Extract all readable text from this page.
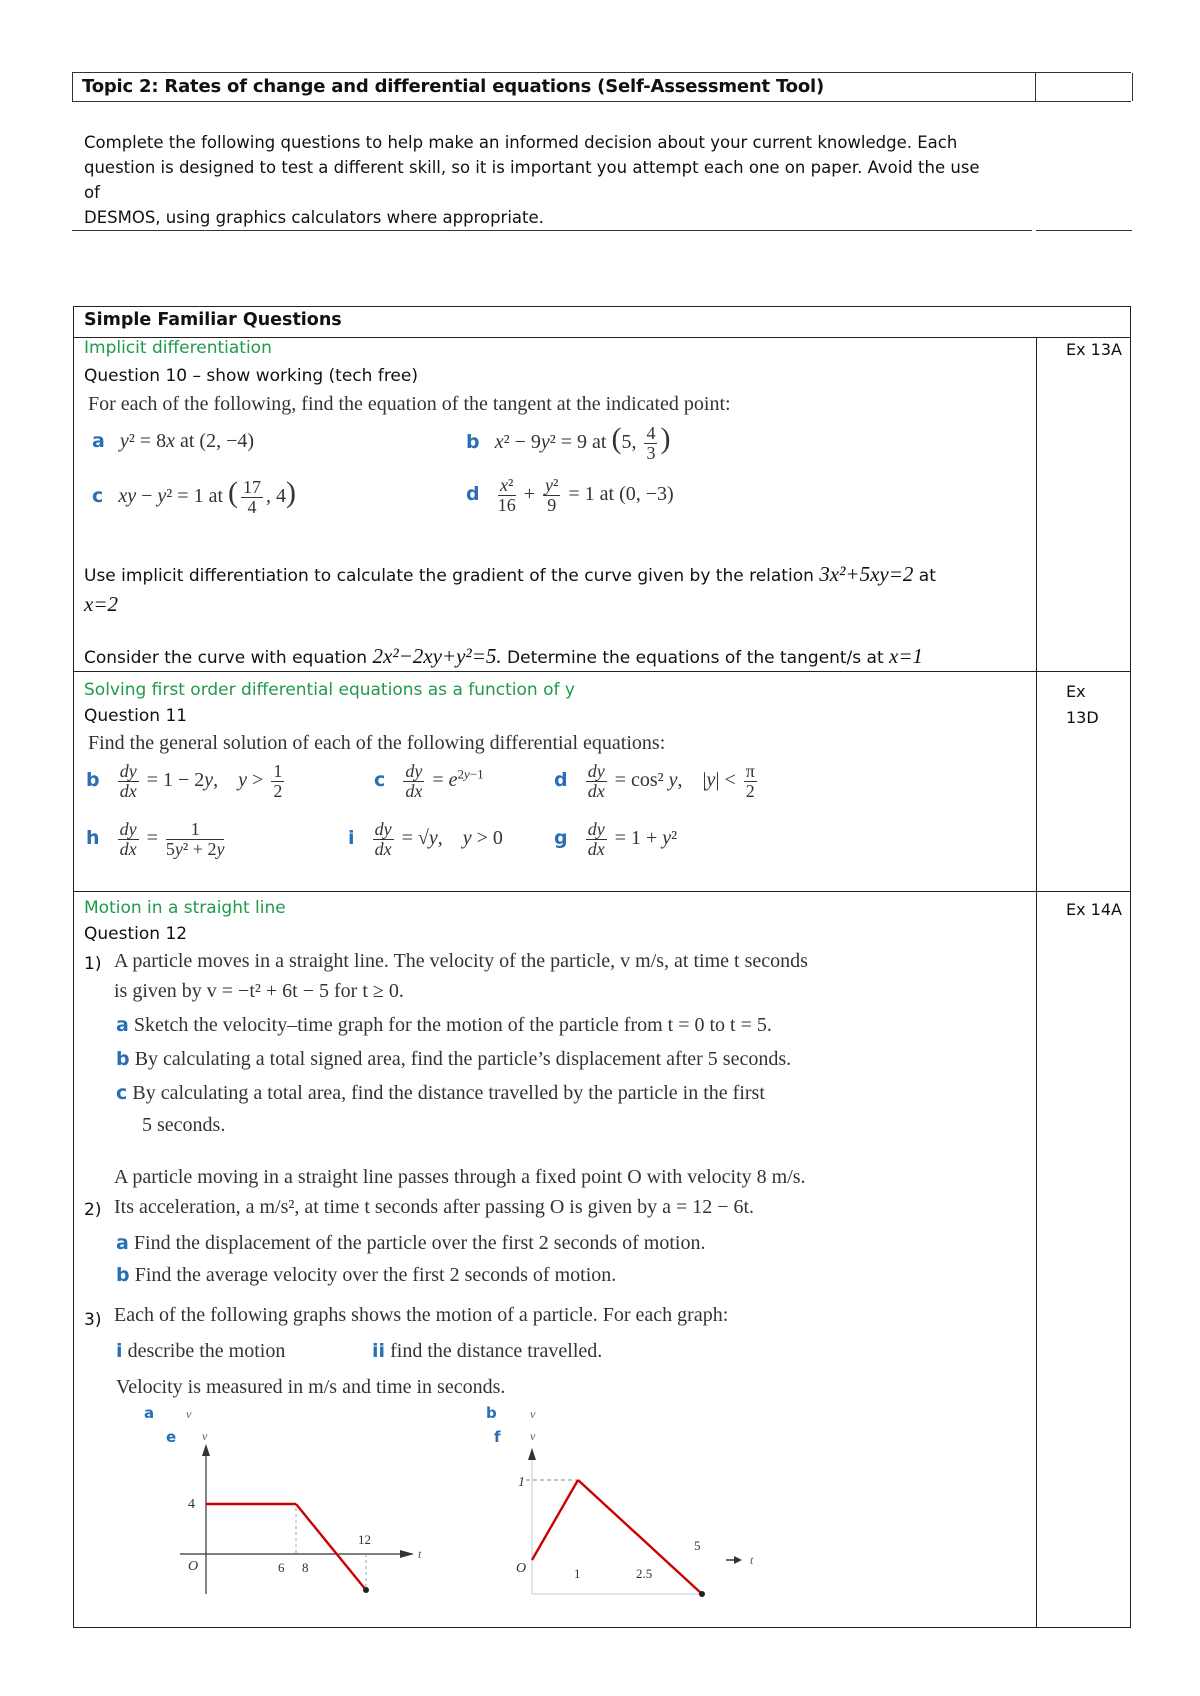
Topic 2: Rates of change and differential equations (Self-Assessment Tool)
Complete the following questions to help make an informed decision about your current knowledge. Each
question is designed to test a different skill, so it is important you attempt each one on paper. Avoid the use of
DESMOS, using graphics calculators where appropriate.
Simple Familiar Questions
Implicit differentiation	Ex 13A
Question 10 – show working (tech free)
For each of the following, find the equation of the tangent at the indicated point:
a y² = 8x at (2, −4)	b x² − 9y² = 9 at (5, $\frac{4}{3}$ )
c xy − y² = 1 at ( $\frac{17}{4}$ , 4)	d $\frac{\text{x²}}{16} + \frac{\text{y²}}{9} = 1$ at (0, −3)
Use implicit differentiation to calculate the gradient of the curve given by the relation 3x²+5xy=2 at
x=2
Consider the curve with equation 2x²−2xy+y²=5. Determine the equations of the tangent/s at x=1
Solving first order differential equations as a function of y	Ex
13D
Question 11
Find the general solution of each of the following differential equations:
b $\frac{dy}{dx} = 1 - 2y$,    $y > \frac{1}{2}$	c $\frac{dy}{dx} = e^{2y-1}$	d $\frac{dy}{dx} = \cos^2$ y,    $|y| < \frac{\pi}{2}$
h $\frac{dy}{dx} = \frac{1}{\text{5y² + 2y}}$	i $\frac{dy}{dx} = √y$,    y > 0	g $\frac{dy}{dx} = 1 + y^2$
Motion in a straight line	Ex 14A
Question 12
1) A particle moves in a straight line. The velocity of the particle, v m/s, at time t seconds
is given by v = −t² + 6t − 5 for t ≥ 0.
a Sketch the velocity–time graph for the motion of the particle from t = 0 to t = 5.
b By calculating a total signed area, find the particle’s displacement after 5 seconds.
c By calculating a total area, find the distance travelled by the particle in the first
5 seconds.
A particle moving in a straight line passes through a fixed point O with velocity 8 m/s.
2) Its acceleration, a m/s², at time t seconds after passing O is given by a = 12 − 6t.
a Find the displacement of the particle over the first 2 seconds of motion.
b Find the average velocity over the first 2 seconds of motion.
3) Each of the following graphs shows the motion of a particle. For each graph:
i describe the motion	ii find the distance travelled.
Velocity is measured in m/s and time in seconds.
a	v
e v
t
O
4
6 8
12
b	v
f v
t
O
1
1	2.5
5
